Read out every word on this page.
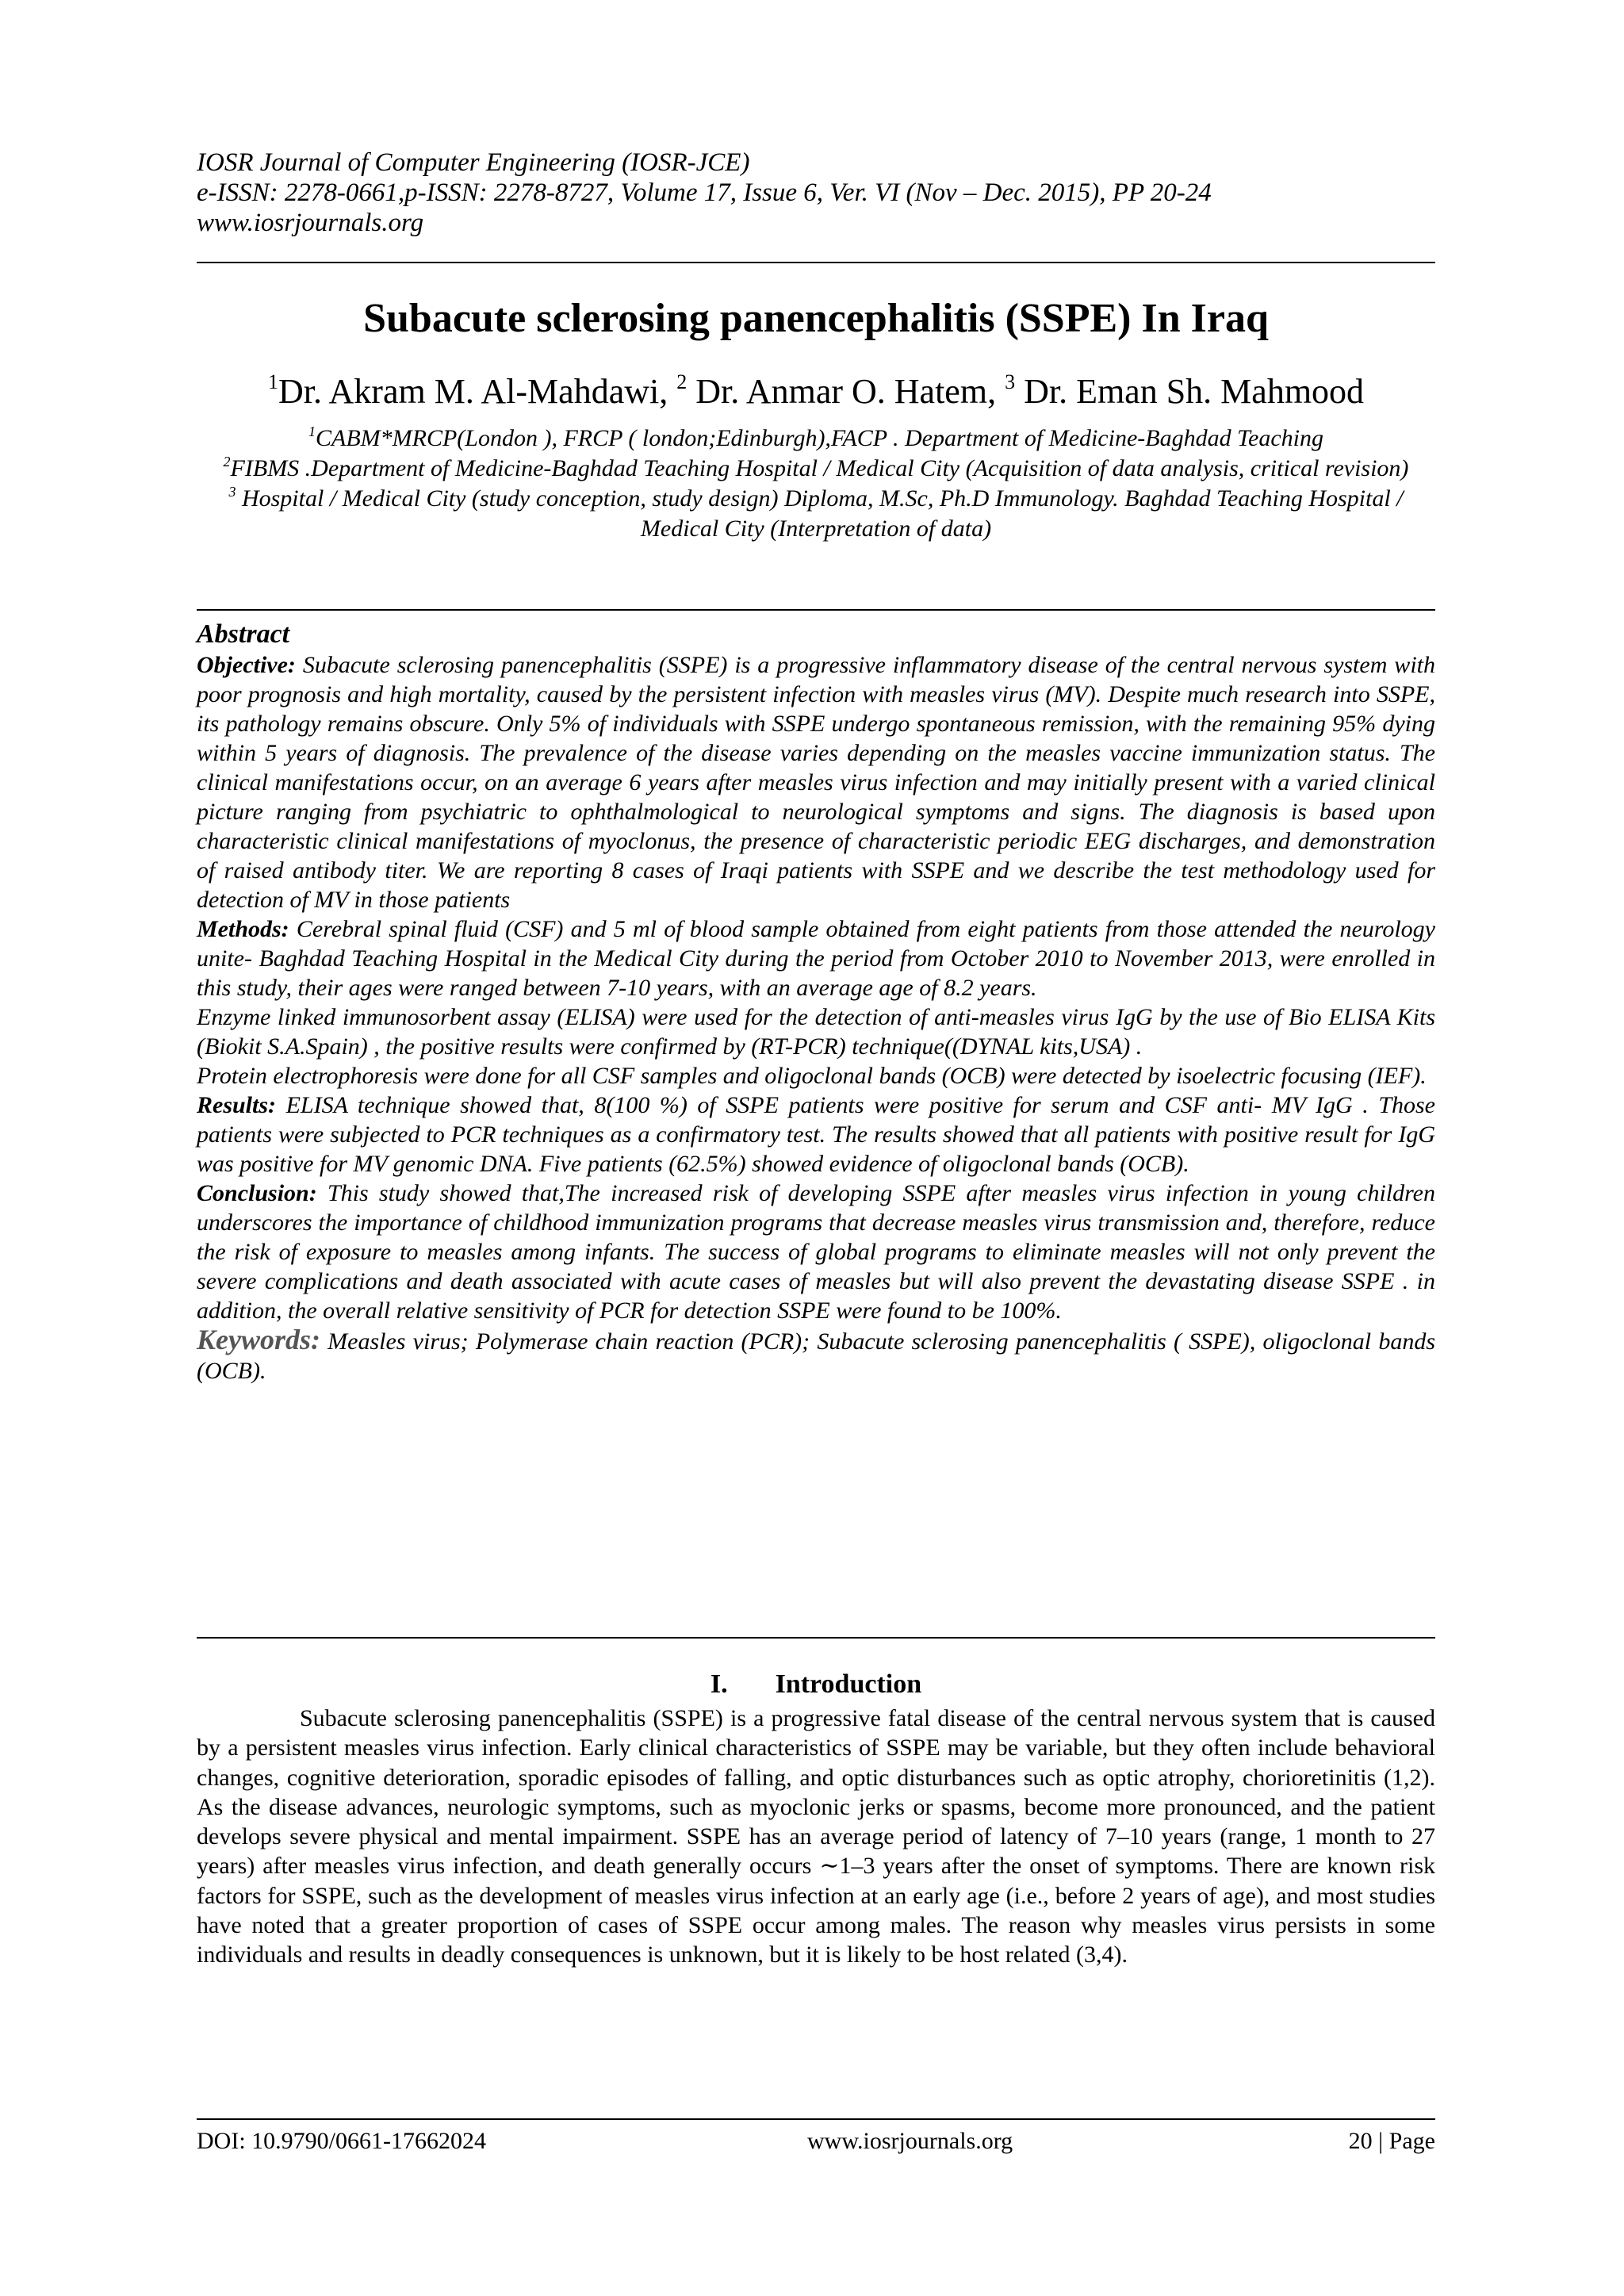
IOSR Journal of Computer Engineering (IOSR-JCE)
e-ISSN: 2278-0661,p-ISSN: 2278-8727, Volume 17, Issue 6, Ver. VI (Nov – Dec. 2015), PP 20-24
www.iosrjournals.org
Subacute sclerosing panencephalitis (SSPE) In Iraq
$^1$Dr. Akram M. Al-Mahdawi, $^2$ Dr. Anmar O. Hatem, $^3$ Dr. Eman Sh. Mahmood

$^1$CABM*MRCP(London ), FRCP ( london;Edinburgh),FACP . Department of Medicine-Baghdad Teaching

$^2$FIBMS .Department of Medicine-Baghdad Teaching Hospital / Medical City (Acquisition of data analysis, critical revision)

$^3$ Hospital / Medical City (study conception, study design) Diploma, M.Sc, Ph.D Immunology. Baghdad Teaching Hospital / Medical City (Interpretation of data)

Abstract

Objective: Subacute sclerosing panencephalitis (SSPE) is a progressive inflammatory disease of the central nervous system with poor prognosis and high mortality, caused by the persistent infection with measles virus (MV). Despite much research into SSPE, its pathology remains obscure. Only 5% of individuals with SSPE undergo spontaneous remission, with the remaining 95% dying within 5 years of diagnosis. The prevalence of the disease varies depending on the measles vaccine immunization status. The clinical manifestations occur, on an average 6 years after measles virus infection and may initially present with a varied clinical picture ranging from psychiatric to ophthalmological to neurological symptoms and signs. The diagnosis is based upon characteristic clinical manifestations of myoclonus, the presence of characteristic periodic EEG discharges, and demonstration of raised antibody titer. We are reporting 8 cases of Iraqi patients with SSPE and we describe the test methodology used for detection of MV in those patients

Methods: Cerebral spinal fluid (CSF) and 5 ml of blood sample obtained from eight patients from those attended the neurology unite- Baghdad Teaching Hospital in the Medical City during the period from October 2010 to November 2013, were enrolled in this study, their ages were ranged between 7-10 years, with an average age of 8.2 years.

Enzyme linked immunosorbent assay (ELISA) were used for the detection of anti-measles virus IgG by the use of Bio ELISA Kits (Biokit S.A.Spain) , the positive results were confirmed by (RT-PCR) technique((DYNAL kits,USA) .

Protein electrophoresis were done for all CSF samples and oligoclonal bands (OCB) were detected by isoelectric focusing (IEF).

Results: ELISA technique showed that, 8(100 %) of SSPE patients were positive for serum and CSF anti- MV IgG . Those patients were subjected to PCR techniques as a confirmatory test. The results showed that all patients with positive result for IgG was positive for MV genomic DNA. Five patients (62.5%) showed evidence of oligoclonal bands (OCB).

Conclusion: This study showed that,The increased risk of developing SSPE after measles virus infection in young children underscores the importance of childhood immunization programs that decrease measles virus transmission and, therefore, reduce the risk of exposure to measles among infants. The success of global programs to eliminate measles will not only prevent the severe complications and death associated with acute cases of measles but will also prevent the devastating disease SSPE . in addition, the overall relative sensitivity of PCR for detection SSPE were found to be 100%.

Keywords: Measles virus; Polymerase chain reaction (PCR); Subacute sclerosing panencephalitis ( SSPE), oligoclonal bands (OCB).

I. Introduction

Subacute sclerosing panencephalitis (SSPE) is a progressive fatal disease of the central nervous system that is caused by a persistent measles virus infection. Early clinical characteristics of SSPE may be variable, but they often include behavioral changes, cognitive deterioration, sporadic episodes of falling, and optic disturbances such as optic atrophy, chorioretinitis (1,2). As the disease advances, neurologic symptoms, such as myoclonic jerks or spasms, become more pronounced, and the patient develops severe physical and mental impairment. SSPE has an average period of latency of 7–10 years (range, 1 month to 27 years) after measles virus infection, and death generally occurs ∼1–3 years after the onset of symptoms. There are known risk factors for SSPE, such as the development of measles virus infection at an early age (i.e., before 2 years of age), and most studies have noted that a greater proportion of cases of SSPE occur among males. The reason why measles virus persists in some individuals and results in deadly consequences is unknown, but it is likely to be host related (3,4).

DOI: 10.9790/0661-17662024	www.iosrjournals.org	20 | Page
